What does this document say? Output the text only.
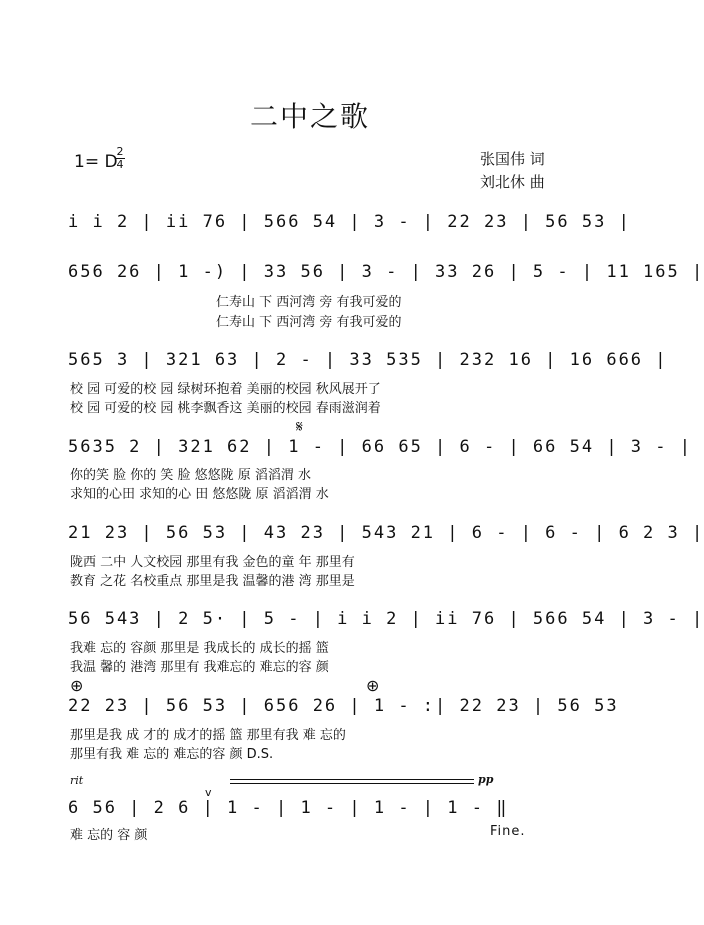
二中之歌
1= D
2
4	张国伟 词
刘北休 曲
i i 2 | ii 76 | 566 54 | 3 - | 22 23 | 56 53 |
656 26 | 1 -) | 33 56 | 3 - | 33 26 | 5 - | 11 165 |
仁寿山 下 西河湾 旁 有我可爱的
仁寿山 下 西河湾 旁 有我可爱的
565 3 | 321 63 | 2 - | 33 535 | 232 16 | 16 666 |
校 园 可爱的校 园 绿树环抱着 美丽的校园 秋风展开了
校 园 可爱的校 园 桃李飘香这 美丽的校园 春雨滋润着
𝄋
5635 2 | 321 62 | 1 - | 66 65 | 6 - | 66 54 | 3 - |
你的笑 脸 你的 笑 脸 悠悠陇 原 滔滔渭 水
求知的心田 求知的心 田 悠悠陇 原 滔滔渭 水
21 23 | 56 53 | 43 23 | 543 21 | 6 - | 6 - | 6 2 3 |
陇西 二中 人文校园 那里有我 金色的童 年 那里有
教育 之花 名校重点 那里是我 温馨的港 湾 那里是
56 543 | 2 5· | 5 - | i i 2 | ii 76 | 566 54 | 3 - |
我难 忘的 容颜 那里是 我成长的 成长的摇 篮
我温 馨的 港湾 那里有 我难忘的 难忘的容 颜
⊕	⊕
22 23 | 56 53 | 656 26 | 1 - :| 22 23 | 56 53
那里是我 成 才的 成才的摇 篮 那里有我 难 忘的
那里有我 难 忘的 难忘的容 颜 D.S.
rit	pp
v
6 56 | 2 6 | 1 - | 1 - | 1 - | 1 - ‖
难 忘的 容 颜	Fine.
